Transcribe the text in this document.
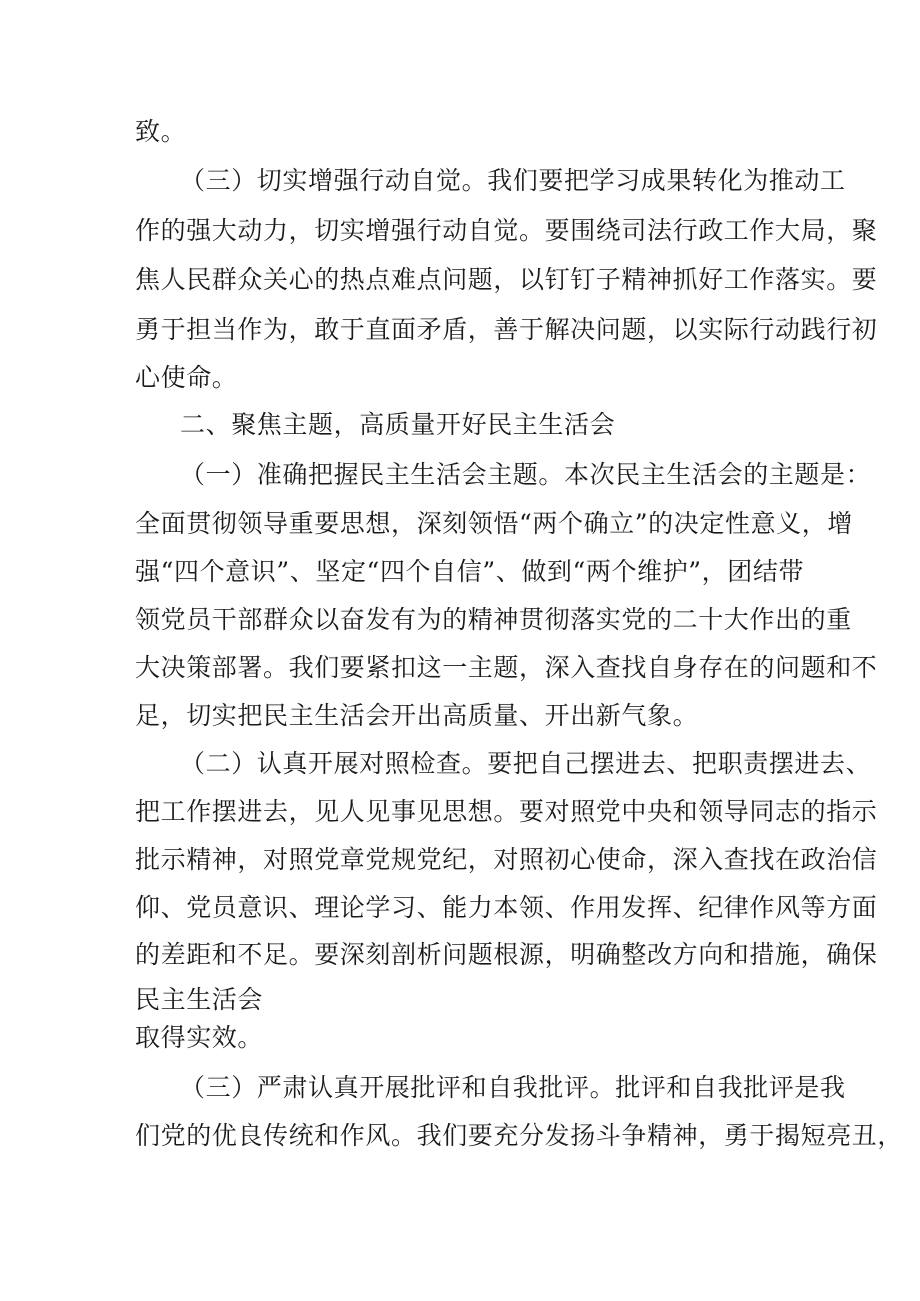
致。
（三）切实增强行动自觉。我们要把学习成果转化为推动工
作的强大动力，切实增强行动自觉。要围绕司法行政工作大局，聚
焦人民群众关心的热点难点问题，以钉钉子精神抓好工作落实。要
勇于担当作为，敢于直面矛盾，善于解决问题，以实际行动践行初
心使命。
二、聚焦主题，高质量开好民主生活会
（一）准确把握民主生活会主题。本次民主生活会的主题是：
全面贯彻领导重要思想，深刻领悟“两个确立”的决定性意义，增
强“四个意识”、坚定“四个自信”、做到“两个维护”，团结带
领党员干部群众以奋发有为的精神贯彻落实党的二十大作出的重
大决策部署。我们要紧扣这一主题，深入查找自身存在的问题和不
足，切实把民主生活会开出高质量、开出新气象。
（二）认真开展对照检查。要把自己摆进去、把职责摆进去、
把工作摆进去，见人见事见思想。要对照党中央和领导同志的指示
批示精神，对照党章党规党纪，对照初心使命，深入查找在政治信
仰、党员意识、理论学习、能力本领、作用发挥、纪律作风等方面
的差距和不足。要深刻剖析问题根源，明确整改方向和措施，确保
民主生活会
取得实效。
（三）严肃认真开展批评和自我批评。批评和自我批评是我
们党的优良传统和作风。我们要充分发扬斗争精神，勇于揭短亮丑，
